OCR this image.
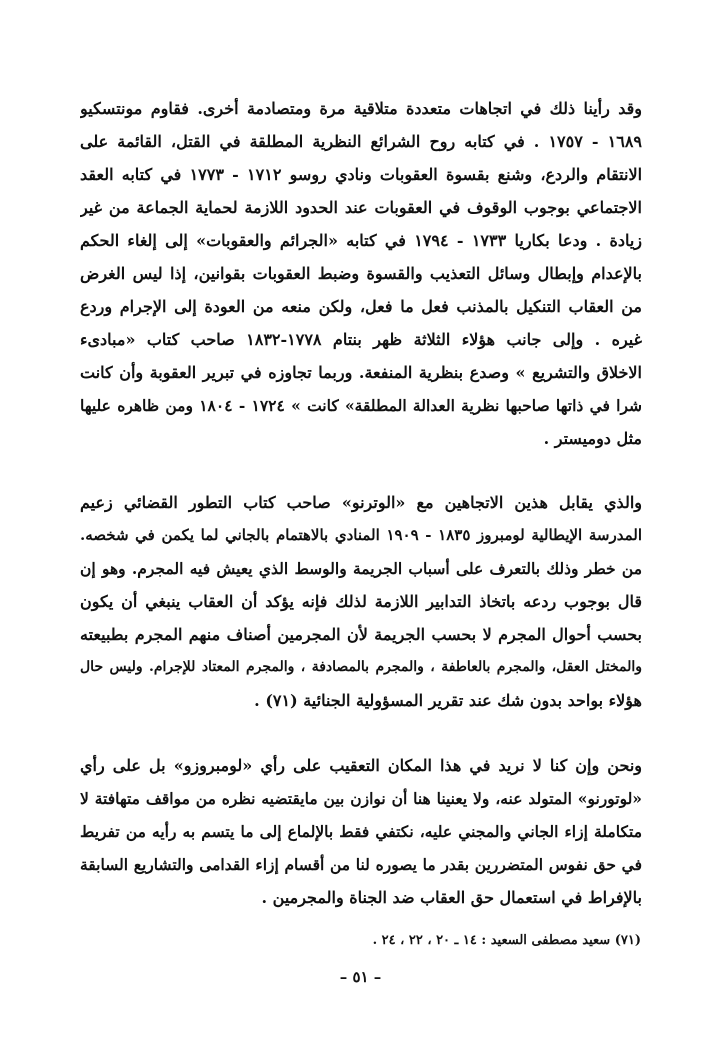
وقد رأينا ذلك في اتجاهات متعددة متلاقية مرة ومتصادمة أخرى. فقاوم مونتسكيو
١٦٨٩ - ١٧٥٧ . في كتابه روح الشرائع النظرية المطلقة في القتل، القائمة على
الانتقام والردع، وشنع بقسوة العقوبات ونادي روسو ١٧١٢ - ١٧٧٣ في كتابه العقد
الاجتماعي بوجوب الوقوف في العقوبات عند الحدود اللازمة لحماية الجماعة من غير
زيادة . ودعا بكاريا ١٧٣٣ - ١٧٩٤ في كتابه «الجرائم والعقوبات» إلى إلغاء الحكم
بالإعدام وإبطال وسائل التعذيب والقسوة وضبط العقوبات بقوانين، إذا ليس الغرض
من العقاب التنكيل بالمذنب فعل ما فعل، ولكن منعه من العودة إلى الإجرام وردع
غيره . وإلى جانب هؤلاء الثلاثة ظهر بنتام ١٧٧٨-١٨٣٢ صاحب كتاب «مبادىء
الاخلاق والتشريع » وصدع بنظرية المنفعة. وربما تجاوزه في تبرير العقوبة وأن كانت
شرا في ذاتها صاحبها نظرية العدالة المطلقة» كانت » ١٧٢٤ - ١٨٠٤ ومن ظاهره عليها
مثل دوميستر .
والذي يقابل هذين الاتجاهين مع «الوترنو» صاحب كتاب التطور القضائي زعيم
المدرسة الإيطالية لومبروز ١٨٣٥ - ١٩٠٩ المنادي بالاهتمام بالجاني لما يكمن في شخصه.
من خطر وذلك بالتعرف على أسباب الجريمة والوسط الذي يعيش فيه المجرم. وهو إن
قال بوجوب ردعه باتخاذ التدابير اللازمة لذلك فإنه يؤكد أن العقاب ينبغي أن يكون
بحسب أحوال المجرم لا بحسب الجريمة لأن المجرمين أصناف منهم المجرم بطبيعته
والمختل العقل، والمجرم بالعاطفة ، والمجرم بالمصادفة ، والمجرم المعتاد للإجرام. وليس حال
هؤلاء بواحد بدون شك عند تقرير المسؤولية الجنائية (٧١) .
ونحن وإن كنا لا نريد في هذا المكان التعقيب على رأي «لومبروزو» بل على رأي
«لوتورنو» المتولد عنه، ولا يعنينا هنا أن نوازن بين مايقتضيه نظره من مواقف متهافتة لا
متكاملة إزاء الجاني والمجني عليه، نكتفي فقط بالإلماع إلى ما يتسم به رأيه من تفريط
في حق نفوس المتضررين بقدر ما يصوره لنا من أقسام إزاء القدامى والتشاريع السابقة
بالإفراط في استعمال حق العقاب ضد الجناة والمجرمين .
(٧١) سعيد مصطفى السعيد : ١٤ ـ ٢٠ ، ٢٢ ، ٢٤ .
– ٥١ –
